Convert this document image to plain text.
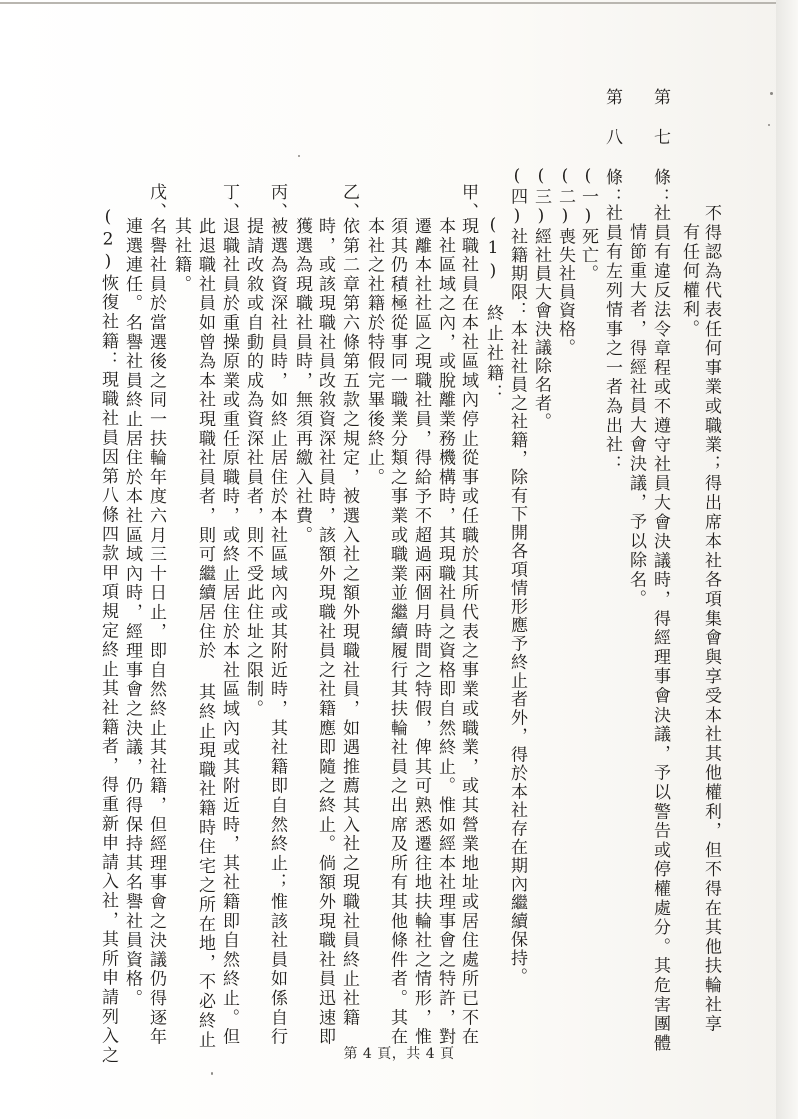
不得認為代表任何事業或職業；得出席本社各項集會與享受本社其他權利，但不得在其他扶輪社享
有任何權利。
第　七　條：
社員有違反法令章程或不遵守社員大會決議時，得經理事會決議，予以警告或停權處分。其危害團體
情節重大者，得經社員大會決議，予以除名。
第　八　條：
社員有左列情事之一者為出社：
(一)死亡。
(二)喪失社員資格。
(三)經社員大會決議除名者。
(四)社籍期限：本社社員之社籍，除有下開各項情形應予終止者外，得於本社存在期內繼續保持。
(1)　終止社籍：
甲、
現職社員在本社區域內停止從事或任職於其所代表之事業或職業，或其營業地址或居住處所已不在
本社區域之內，或脫離業務機構時，其現職社員之資格即自然終止。惟如經本社理事會之特許，對
遷離本社社區之現職社員，得給予不超過兩個月時間之特假，俾其可熟悉遷往地扶輪社之情形，惟
須其仍積極從事同一職業分類之事業或職業並繼續履行其扶輪社員之出席及所有其他條件者。其在
本社之社籍於特假完畢後終止。
乙、
依第二章第六條第五款之規定，被選入社之額外現職社員，如遇推薦其入社之現職社員終止社籍
時，或該現職社員改敘資深社員時，該額外現職社員之社籍應即隨之終止。倘額外現職社員迅速即
獲選為現職社員時，無須再繳入社費。
丙、
被選為資深社員時，如終止居住於本社區域內或其附近時，其社籍即自然終止；惟該社員如係自行
提請改敘或自動的成為資深社員者，則不受此住址之限制。
丁、
退職社員於重操原業或重任原職時，或終止居住於本社區域內或其附近時，其社籍即自然終止。但
此退職社員如曾為本社現職社員者，則可繼續居住於 其終止現職社籍時住宅之所在地，不必終止
其社籍。
戊、
名譽社員於當選後之同一扶輪年度六月三十日止，即自然終止其社籍，但經理事會之決議仍得逐年
連選連任。名譽社員終止居住於本社區域內時，經理事會之決議，仍得保持其名譽社員資格。
(2)恢復社籍：現職社員因第八條四款甲項規定終止其社籍者，得重新申請入社，其所申請列入之	第 4 頁，共 4 頁
